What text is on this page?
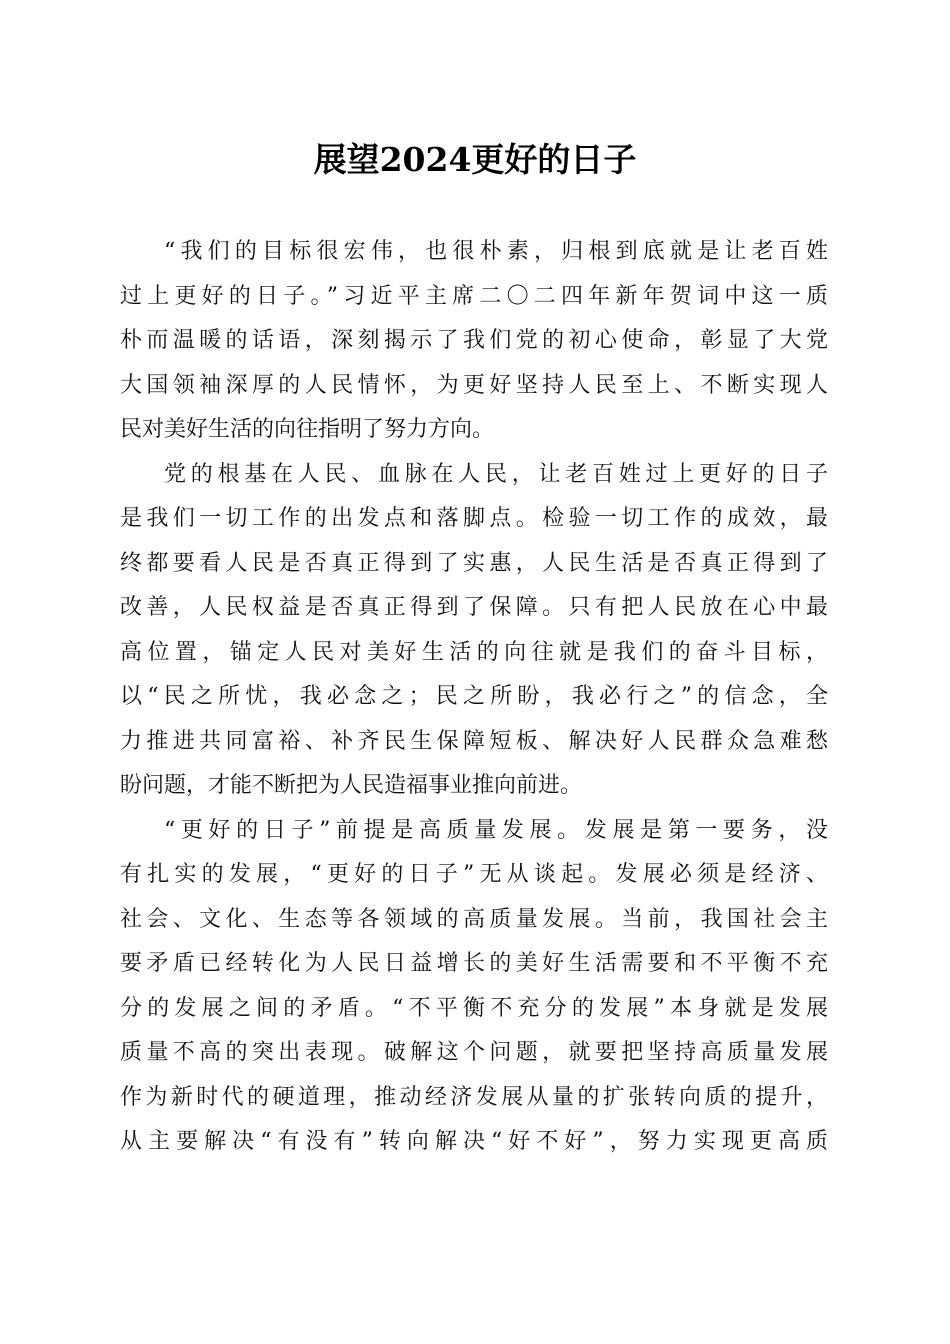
展望2024更好的日子

“我们的目标很宏伟，也很朴素，归根到底就是让老百姓
过上更好的日子。”习近平主席二〇二四年新年贺词中这一质
朴而温暖的话语，深刻揭示了我们党的初心使命，彰显了大党
大国领袖深厚的人民情怀，为更好坚持人民至上、不断实现人
民对美好生活的向往指明了努力方向。

党的根基在人民、血脉在人民，让老百姓过上更好的日子
是我们一切工作的出发点和落脚点。检验一切工作的成效，最
终都要看人民是否真正得到了实惠，人民生活是否真正得到了
改善，人民权益是否真正得到了保障。只有把人民放在心中最
高位置，锚定人民对美好生活的向往就是我们的奋斗目标，
以“民之所忧，我必念之；民之所盼，我必行之”的信念，全
力推进共同富裕、补齐民生保障短板、解决好人民群众急难愁
盼问题，才能不断把为人民造福事业推向前进。

“更好的日子”前提是高质量发展。发展是第一要务，没
有扎实的发展，“更好的日子”无从谈起。发展必须是经济、
社会、文化、生态等各领域的高质量发展。当前，我国社会主
要矛盾已经转化为人民日益增长的美好生活需要和不平衡不充
分的发展之间的矛盾。“不平衡不充分的发展”本身就是发展
质量不高的突出表现。破解这个问题，就要把坚持高质量发展
作为新时代的硬道理，推动经济发展从量的扩张转向质的提升，
从主要解决“有没有”转向解决“好不好”，努力实现更高质
